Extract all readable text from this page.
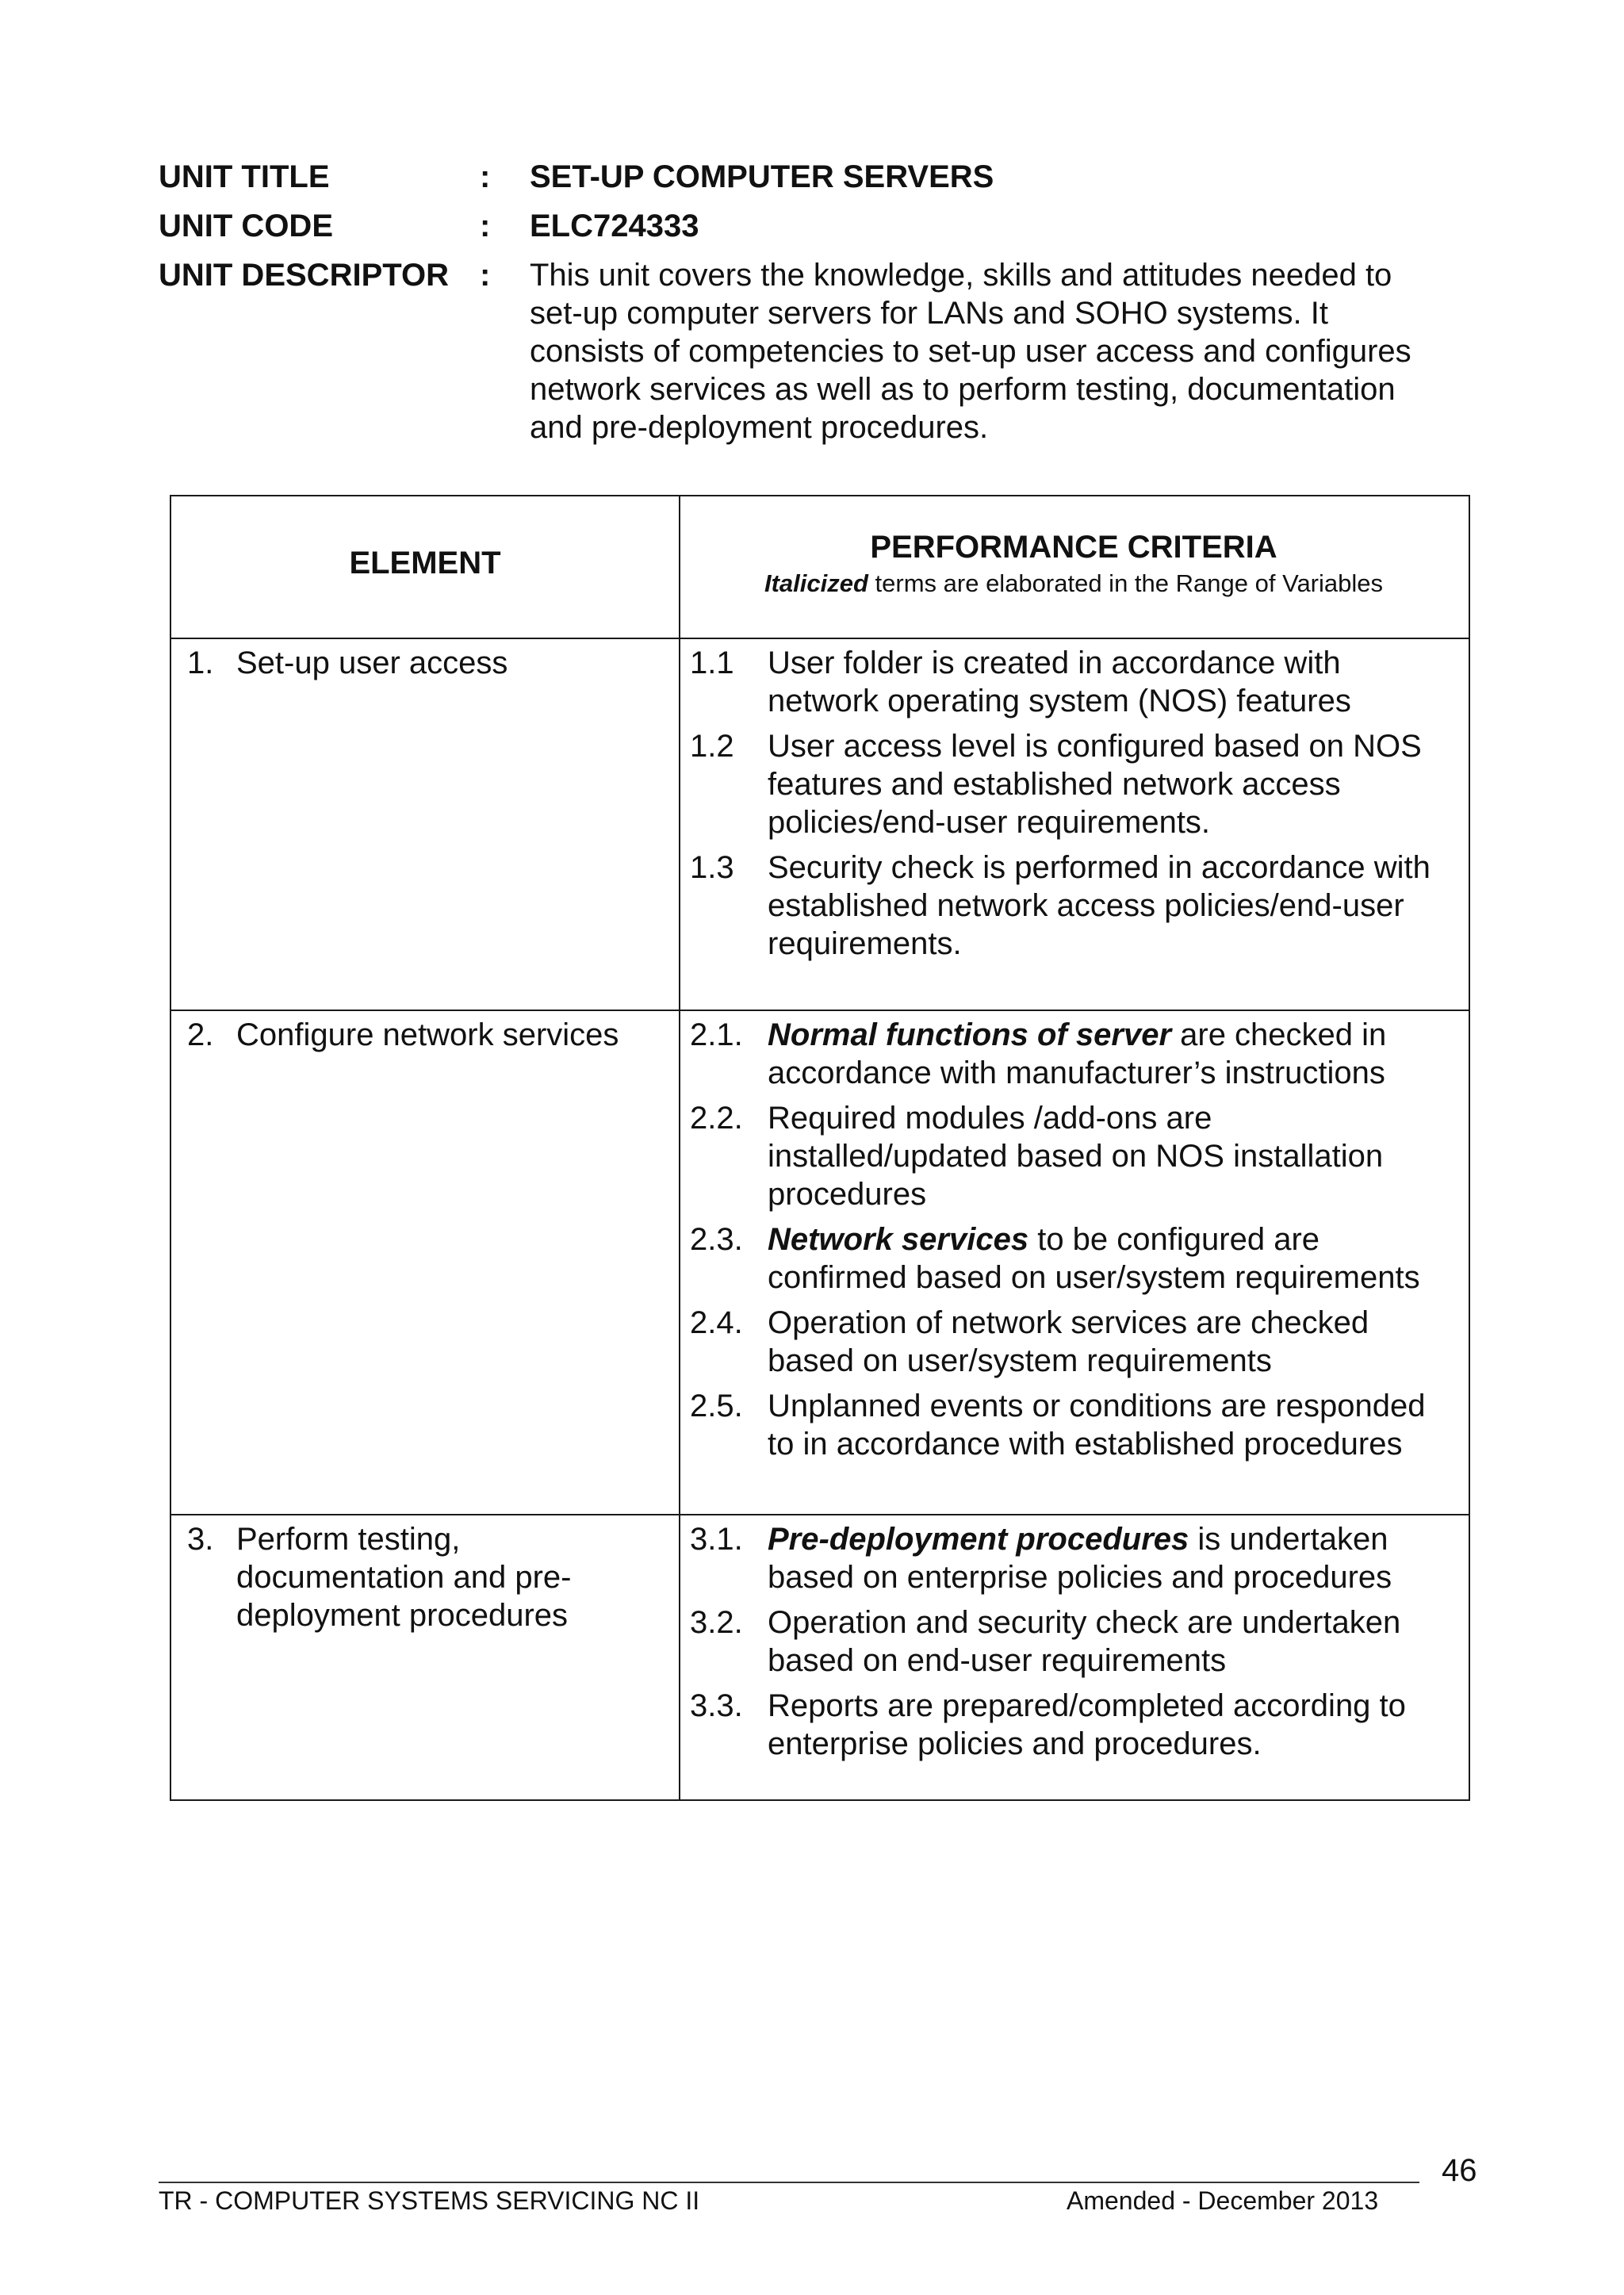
UNIT TITLE	: SET-UP COMPUTER SERVERS
UNIT CODE	: ELC724333
UNIT DESCRIPTOR : This unit covers the knowledge, skills and attitudes needed to
set-up computer servers for LANs and SOHO systems. It
consists of competencies to set-up user access and configures
network services as well as to perform testing, documentation
and pre-deployment procedures.
ELEMENT	PERFORMANCE CRITERIA
Italicized terms are elaborated in the Range of Variables
1. Set-up user access	1.1 User folder is created in accordance with
network operating system (NOS) features
1.2 User access level is configured based on NOS
features and established network access
policies/end-user requirements.
1.3 Security check is performed in accordance with
established network access policies/end-user
requirements.
2. Configure network services	2.1. Normal functions of server are checked in
accordance with manufacturer’s instructions
2.2. Required modules /add-ons are
installed/updated based on NOS installation
procedures
2.3. Network services to be configured are
confirmed based on user/system requirements
2.4. Operation of network services are checked
based on user/system requirements
2.5. Unplanned events or conditions are responded
to in accordance with established procedures
3. Perform testing,
documentation and pre-
deployment procedures
3.1. Pre-deployment procedures is undertaken
based on enterprise policies and procedures
3.2. Operation and security check are undertaken
based on end-user requirements
3.3. Reports are prepared/completed according to
enterprise policies and procedures.
46
TR - COMPUTER SYSTEMS SERVICING NC II	Amended - December 2013
